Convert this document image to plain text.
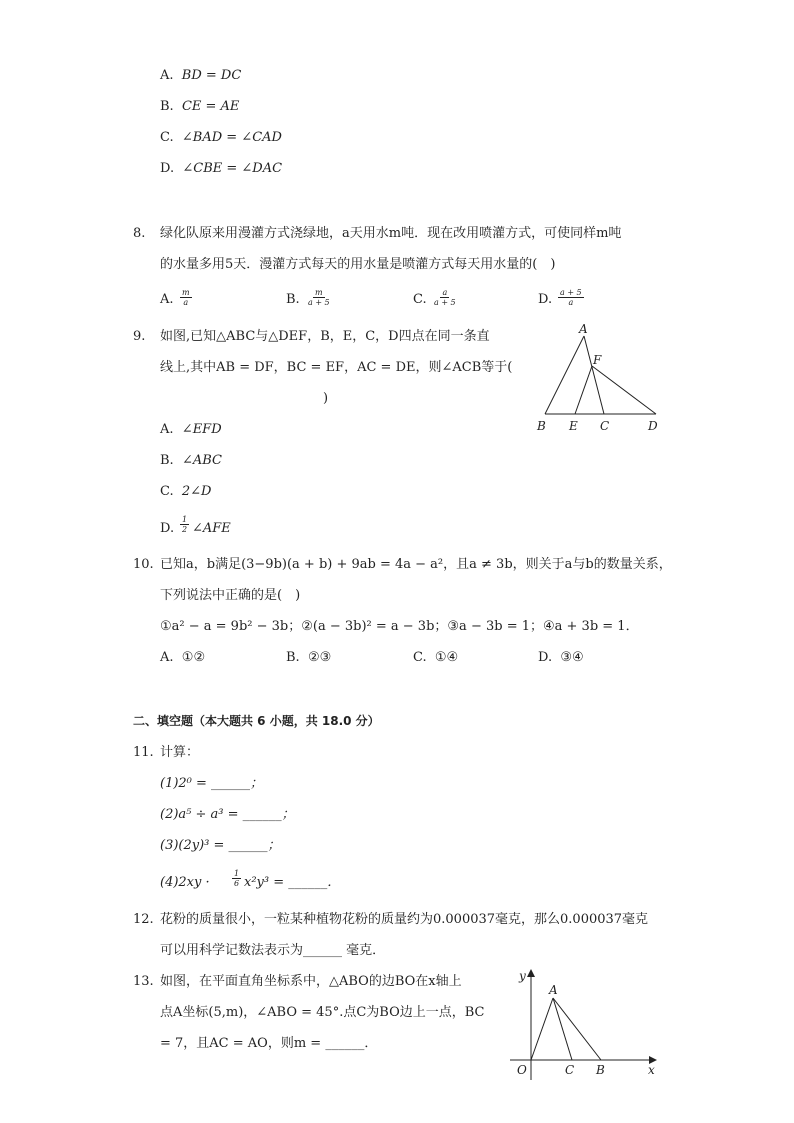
A. BD = DC
B. CE = AE
C. ∠BAD = ∠CAD
D. ∠CBE = ∠DAC
8. 绿化队原来用漫灌方式浇绿地，a天用水m吨．现在改用喷灌方式，可使同样m吨
的水量多用5天．漫灌方式每天的用水量是喷灌方式每天用水量的(　)
A. $\frac{m}{a}$	B. $\frac{m}{a + 5}$	C. $\frac{a}{a + 5}$	D. $\frac{a + 5}{a}$
9. 如图,已知△ABC与△DEF，B，E，C，D四点在同一条直
线上,其中AB = DF，BC = EF，AC = DE，则∠ACB等于(
)
A. ∠EFD
B. ∠ABC
C. 2∠D
D. $\frac{1}{2}$ ∠AFE
A
F
B E C	D
10. 已知a，b满足(3−9b)(a + b) + 9ab = 4a − a²，且a ≠ 3b，则关于a与b的数量关系，
下列说法中正确的是(　)
①a² − a = 9b² − 3b；②(a − 3b)² = a − 3b；③a − 3b = 1；④a + 3b = 1．
A. ①②	B. ②③	C. ①④	D. ③④
二、填空题（本大题共 6 小题，共 18.0 分）
11. 计算：
(1)2⁰ = ______；
(2)a⁵ ÷ a³ = ______；
(3)(2y)³ = ______；
(4)2xy ·	$\frac{1}{6} x^2y^3$ = ______．
12. 花粉的质量很小，一粒某种植物花粉的质量约为0.000037毫克，那么0.000037毫克
可以用科学记数法表示为______ 毫克．
13. 如图，在平面直角坐标系中，△ABO的边BO在x轴上
点A坐标(5,m)，∠ABO = 45°.点C为BO边上一点，BC
= 7，且AC = AO，则m = ______．
y
x
A
O	C B
